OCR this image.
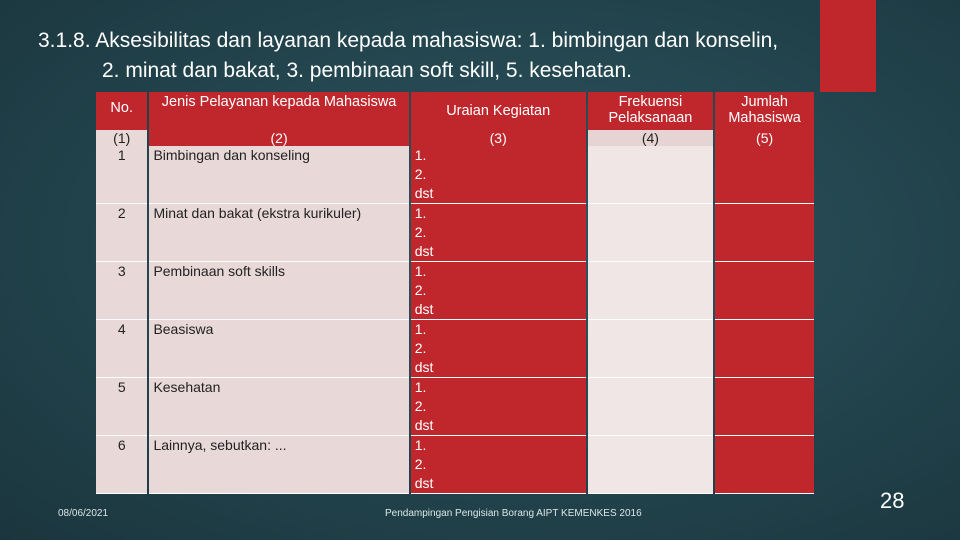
3.1.8. Aksesibilitas dan layanan kepada mahasiswa: 1. bimbingan dan konselin,
2. minat dan bakat, 3. pembinaan soft skill, 5. kesehatan.
No.	Jenis Pelayanan kepada Mahasiswa	Uraian Kegiatan	Frekuensi Pelaksanaan	Jumlah Mahasiswa
(1)	(2)	(3)	(4)	(5)
1	Bimbingan dan konseling	1.
2.
dst		

2	Minat dan bakat (ekstra kurikuler)	1.
2.
dst		

3	Pembinaan soft skills	1.
2.
dst		

4	Beasiswa	1.
2.
dst		

5	Kesehatan	1.
2.
dst		

6	Lainnya, sebutkan: ...	1.
2.
dst		

08/06/2021	Pendampingan Pengisian Borang AIPT KEMENKES 2016
28
